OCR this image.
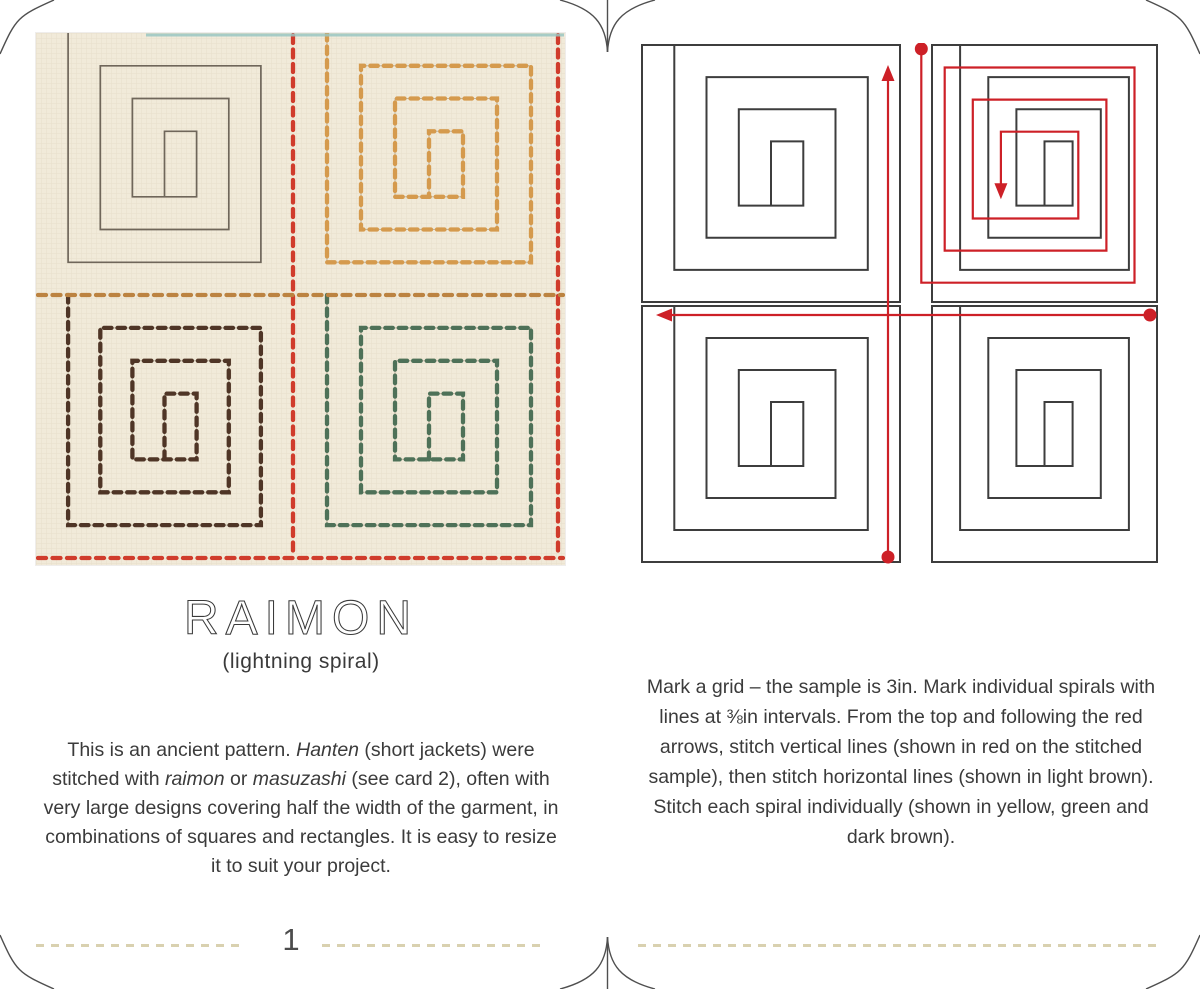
RAIMON
(lightning spiral)

This is an ancient pattern. Hanten (short jackets) were stitched with raimon or masuzashi (see card 2), often with very large designs covering half the width of the garment, in combinations of squares and rectangles. It is easy to resize it to suit your project.

1

Mark a grid – the sample is 3in. Mark individual spirals with lines at ⅜in intervals. From the top and following the red arrows, stitch vertical lines (shown in red on the stitched sample), then stitch horizontal lines (shown in light brown). Stitch each spiral individually (shown in yellow, green and dark brown).
